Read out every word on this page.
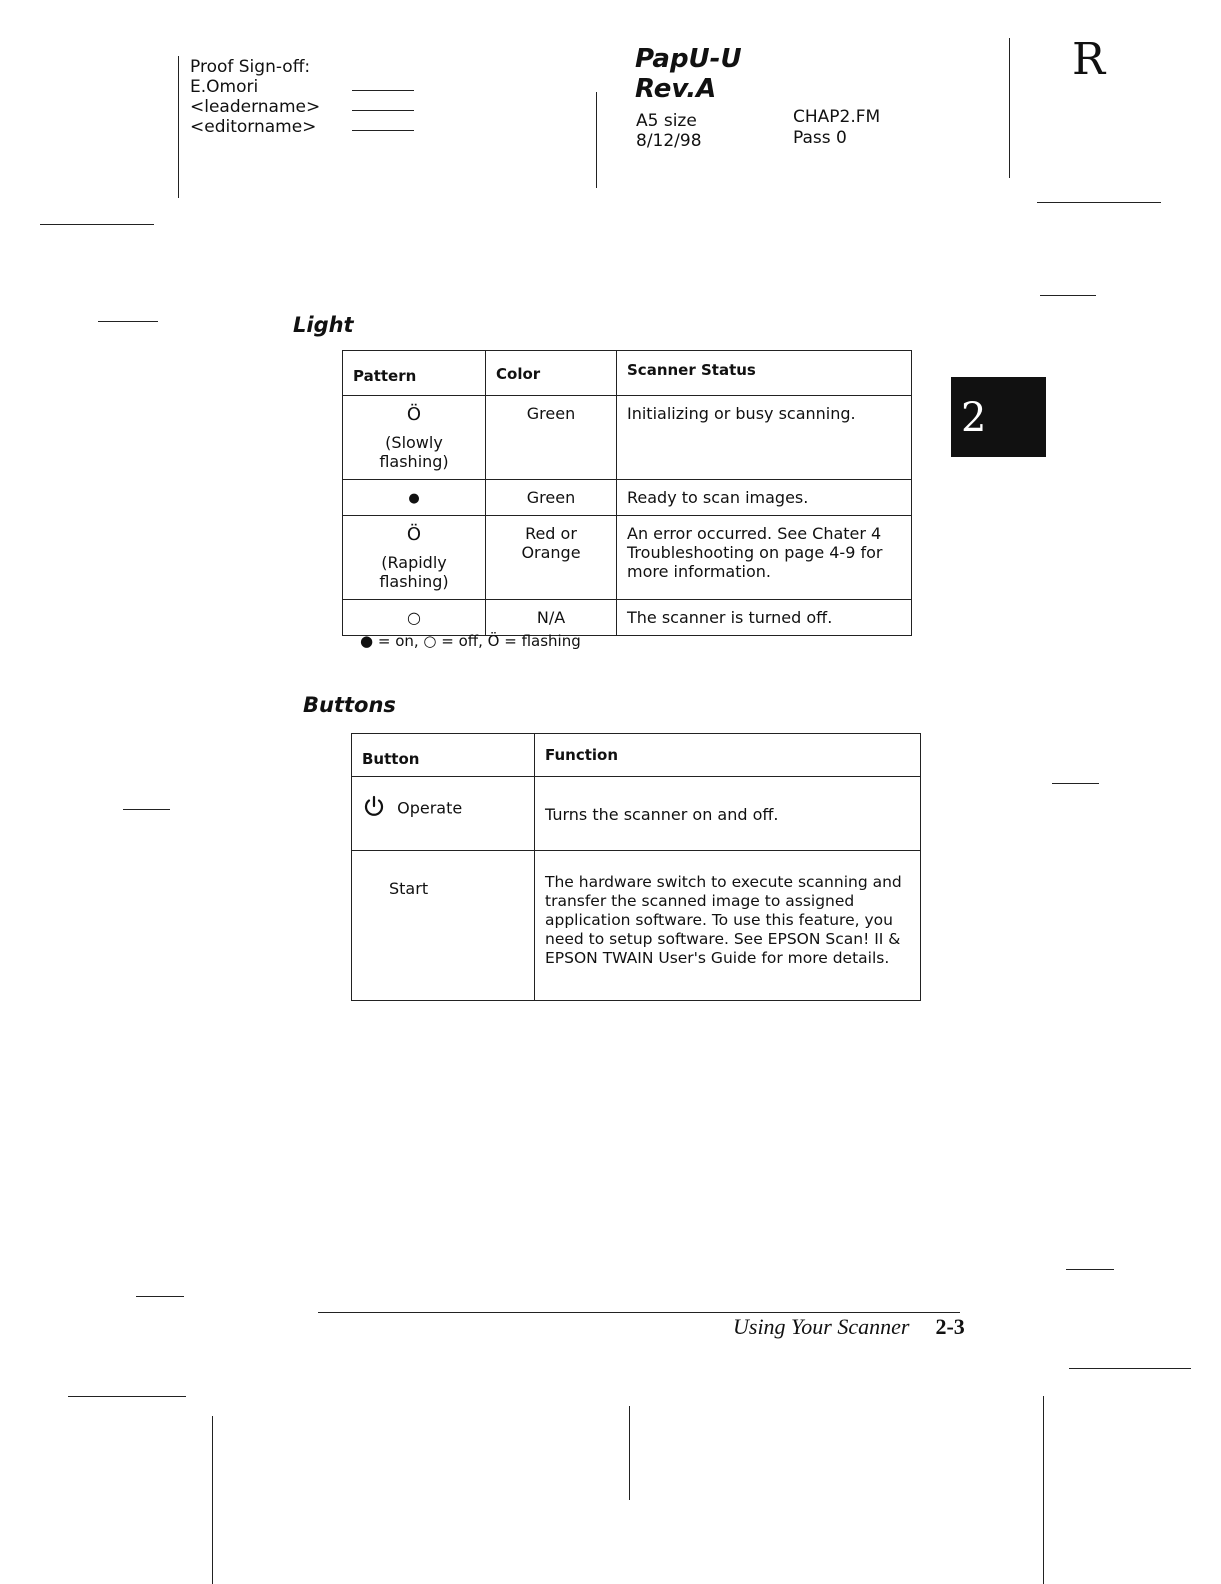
Proof Sign-off:
E.Omori
<leadername>
<editorname>
PapU-U
Rev.A
A5 size
8/12/98
CHAP2.FM
Pass 0
R
2
Light
Pattern	Color	Scanner Status

Ö
(Slowly flashing)	Green	Initializing or busy scanning.

●	Green	Ready to scan images.

Ö
(Rapidly flashing)	Red or Orange	An error occurred. See Chater 4 Troubleshooting on page 4-9 for more information.

○	N/A	The scanner is turned off.
● = on, ○ = off, Ö = flashing
Buttons
Button	Function

Operate	Turns the scanner on and off.

Start	The hardware switch to execute scanning and transfer the scanned image to assigned application software. To use this feature, you need to setup software. See EPSON Scan! II & EPSON TWAIN User's Guide for more details.
Using Your Scanner 2-3
